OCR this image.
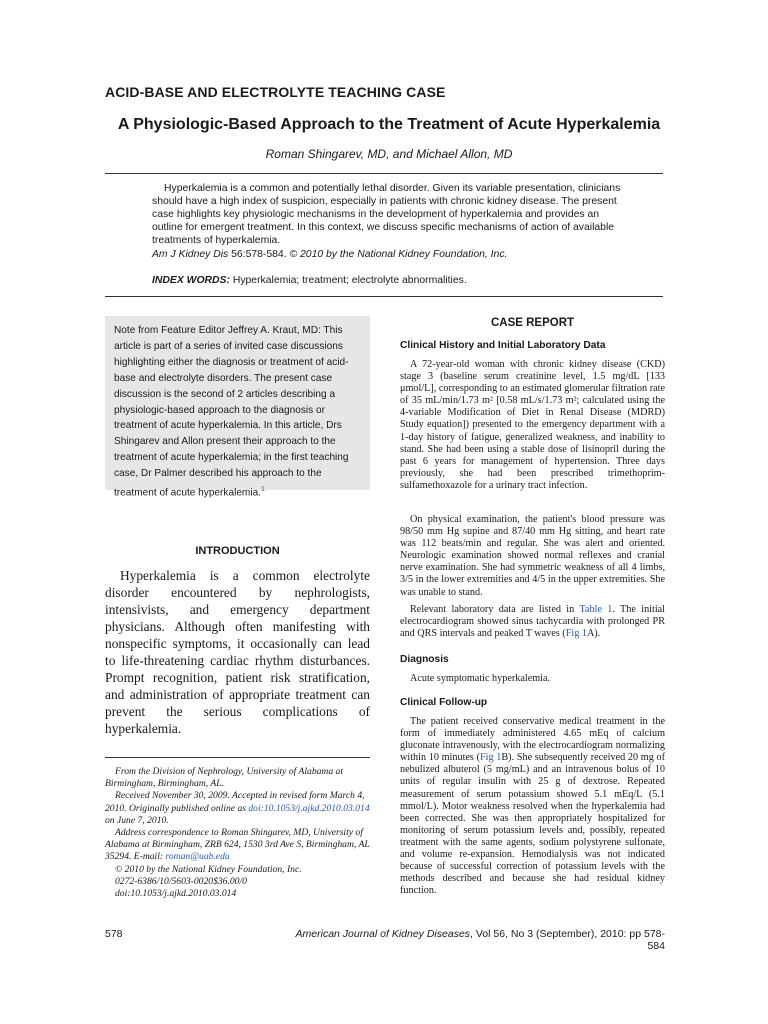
ACID-BASE AND ELECTROLYTE TEACHING CASE
A Physiologic-Based Approach to the Treatment of Acute Hyperkalemia
Roman Shingarev, MD, and Michael Allon, MD

Hyperkalemia is a common and potentially lethal disorder. Given its variable presentation, clinicians should have a high index of suspicion, especially in patients with chronic kidney disease. The present case highlights key physiologic mechanisms in the development of hyperkalemia and provides an outline for emergent treatment. In this context, we discuss specific mechanisms of action of available treatments of hyperkalemia.

Am J Kidney Dis 56:578-584. © 2010 by the National Kidney Foundation, Inc.
INDEX WORDS: Hyperkalemia; treatment; electrolyte abnormalities.

Note from Feature Editor Jeffrey A. Kraut, MD: This article is part of a series of invited case discussions highlighting either the diagnosis or treatment of acid-base and electrolyte disorders. The present case discussion is the second of 2 articles describing a physiologic-based approach to the diagnosis or treatment of acute hyperkalemia. In this article, Drs Shingarev and Allon present their approach to the treatment of acute hyperkalemia; in the first teaching case, Dr Palmer described his approach to the treatment of acute hyperkalemia.$^1$

INTRODUCTION

Hyperkalemia is a common electrolyte disorder encountered by nephrologists, intensivists, and emergency department physicians. Although often manifesting with nonspecific symptoms, it occasionally can lead to life-threatening cardiac rhythm disturbances. Prompt recognition, patient risk stratification, and administration of appropriate treatment can prevent the serious complications of hyperkalemia.

From the Division of Nephrology, University of Alabama at Birmingham, Birmingham, AL.

Received November 30, 2009. Accepted in revised form March 4, 2010. Originally published online as doi:10.1053/j.ajkd.2010.03.014 on June 7, 2010.

Address correspondence to Roman Shingarev, MD, University of Alabama at Birmingham, ZRB 624, 1530 3rd Ave S, Birmingham, AL 35294. E-mail: roman@uab.edu

© 2010 by the National Kidney Foundation, Inc.

0272-6386/10/5603-0020$36.00/0

doi:10.1053/j.ajkd.2010.03.014

CASE REPORT
Clinical History and Initial Laboratory Data

A 72-year-old woman with chronic kidney disease (CKD) stage 3 (baseline serum creatinine level, 1.5 mg/dL [133 μmol/L], corresponding to an estimated glomerular filtration rate of 35 mL/min/1.73 m² [0.58 mL/s/1.73 m²; calculated using the 4-variable Modification of Diet in Renal Disease (MDRD) Study equation]) presented to the emergency department with a 1-day history of fatigue, generalized weakness, and inability to stand. She had been using a stable dose of lisinopril during the past 6 years for management of hypertension. Three days previously, she had been prescribed trimethoprim-sulfamethoxazole for a urinary tract infection.

On physical examination, the patient's blood pressure was 98/50 mm Hg supine and 87/40 mm Hg sitting, and heart rate was 112 beats/min and regular. She was alert and oriented. Neurologic examination showed normal reflexes and cranial nerve examination. She had symmetric weakness of all 4 limbs, 3/5 in the lower extremities and 4/5 in the upper extremities. She was unable to stand.

Relevant laboratory data are listed in Table 1. The initial electrocardiogram showed sinus tachycardia with prolonged PR and QRS intervals and peaked T waves (Fig 1A).

Diagnosis

Acute symptomatic hyperkalemia.

Clinical Follow-up

The patient received conservative medical treatment in the form of immediately administered 4.65 mEq of calcium gluconate intravenously, with the electrocardiogram normalizing within 10 minutes (Fig 1B). She subsequently received 20 mg of nebulized albuterol (5 mg/mL) and an intravenous bolus of 10 units of regular insulin with 25 g of dextrose. Repeated measurement of serum potassium showed 5.1 mEq/L (5.1 mmol/L). Motor weakness resolved when the hyperkalemia had been corrected. She was then appropriately hospitalized for monitoring of serum potassium levels and, possibly, repeated treatment with the same agents, sodium polystyrene sulfonate, and volume re-expansion. Hemodialysis was not indicated because of successful correction of potassium levels with the methods described and because she had residual kidney function.

578	American Journal of Kidney Diseases, Vol 56, No 3 (September), 2010: pp 578-584
